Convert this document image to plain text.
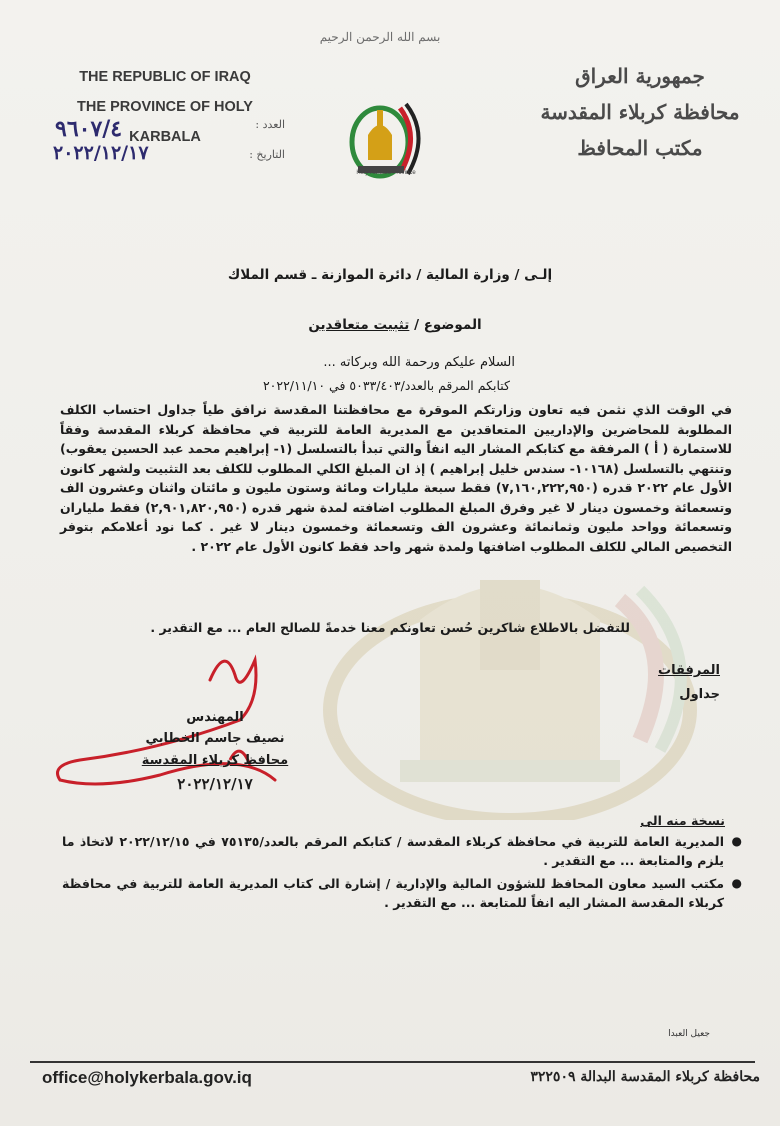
بسم الله الرحمن الرحيم
THE REPUBLIC OF IRAQ
THE PROVINCE OF HOLY KARBALA
جمهورية العراق
محافظة كربلاء المقدسة
مكتب المحافظ
Holy Karbala Province
العدد :
٩٦٠٧/٤
التاريخ :
٢٠٢٢/١٢/١٧
إلـى / وزارة المالية / دائرة الموازنة ـ قسم الملاك
الموضوع / تثبيت متعاقدين
السلام عليكم ورحمة الله وبركاته ...
كتابكم المرقم بالعدد/٥٠٣٣/٤٠٣ في ٢٠٢٢/١١/١٠
في الوقت الذي نثمن فيه تعاون وزارتكم الموقرة مع محافظتنا المقدسة نرافق طياً جداول احتساب الكلف المطلوبة للمحاضرين والإداريين المتعاقدين مع المديرية العامة للتربية في محافظة كربلاء المقدسة وفقاً للاستمارة ( أ ) المرفقة مع كتابكم المشار اليه انفاً والتي تبدأ بالتسلسل (١- إبراهيم محمد عبد الحسين يعقوب) وتنتهي بالتسلسل (١٠١٦٨- سندس خليل إبراهيم ) إذ ان المبلغ الكلي المطلوب للكلف بعد التثبيت ولشهر كانون الأول عام ٢٠٢٢ قدره (٧,١٦٠,٢٢٢,٩٥٠) فقط سبعة مليارات ومائة وستون مليون و مائتان واثنان وعشرون الف وتسعمائة وخمسون دينار لا غير وفرق المبلغ المطلوب اضافته لمدة شهر قدره (٢,٩٠١,٨٢٠,٩٥٠) فقط ملياران وتسعمائة وواحد مليون وثمانمائة وعشرون الف وتسعمائة وخمسون دينار لا غير . كما نود أعلامكم بتوفر التخصيص المالي للكلف المطلوب اضافتها ولمدة شهر واحد فقط كانون الأول عام ٢٠٢٢ .
للتفضل بالاطلاع شاكرين حُسن تعاونكم معنا خدمةً للصالح العام ... مع التقدير .
المرفقات
جداول
المهندس
نصيف جاسم الخطابي
محافظ كربلاء المقدسة
٢٠٢٢/١٢/١٧
نسخة منه الى
●
المديرية العامة للتربية في محافظة كربلاء المقدسة / كتابكم المرقم بالعدد/٧٥١٣٥ في ٢٠٢٢/١٢/١٥ لاتخاذ ما يلزم والمتابعة ... مع التقدير .
●
مكتب السيد معاون المحافظ للشؤون المالية والإدارية / إشارة الى كتاب المديرية العامة للتربية في محافظة كربلاء المقدسة المشار اليه انفاً للمتابعة ... مع التقدير .
جعيل العبدا
office@holykerbala.gov.iq	محافظة كربلاء المقدسة البدالة ٣٢٢٥٠٩
